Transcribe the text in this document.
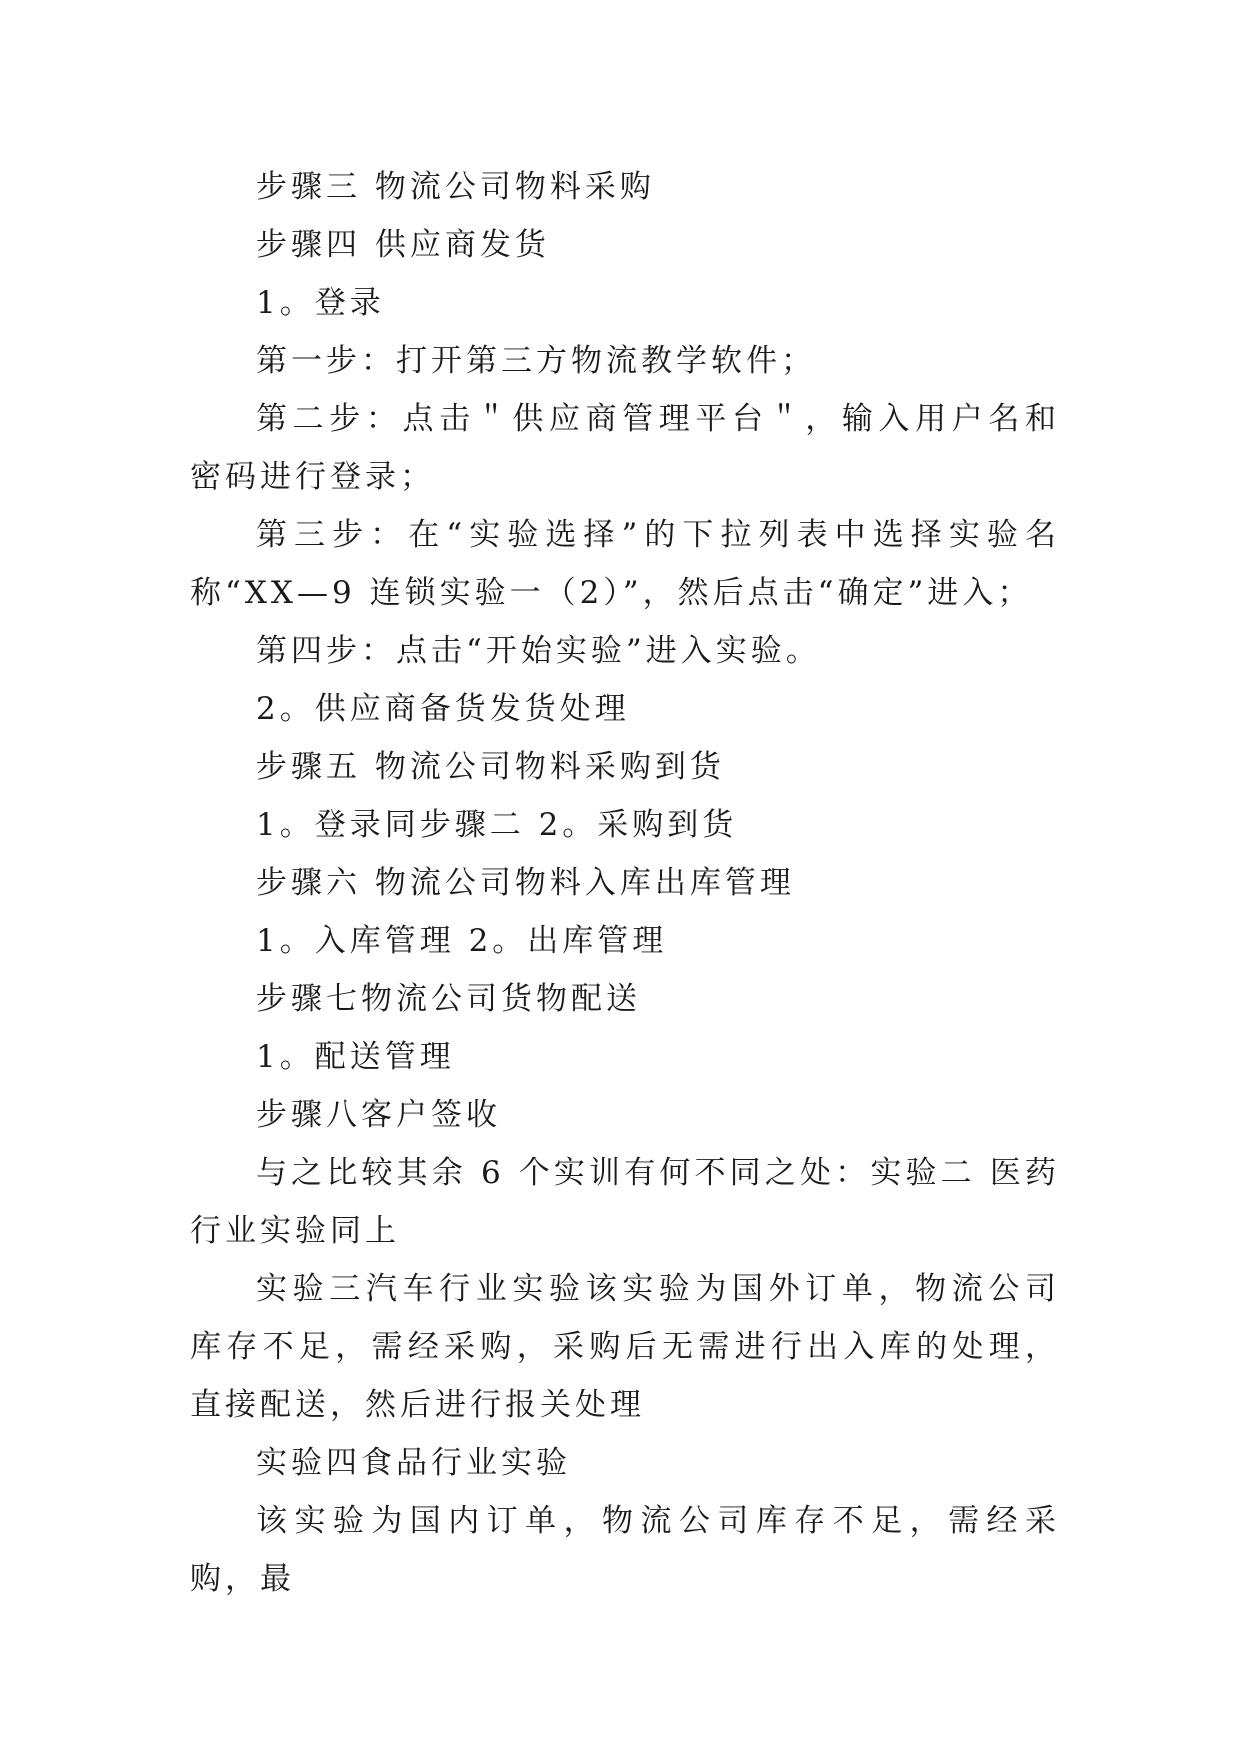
步骤三 物流公司物料采购

步骤四 供应商发货

1。登录

第一步：打开第三方物流教学软件；

第二步：点击＂供应商管理平台＂，输入用户名和密码进行登录；

第三步：在“实验选择”的下拉列表中选择实验名称“XX—9 连锁实验一（2）”，然后点击“确定”进入；

第四步：点击“开始实验”进入实验。

2。供应商备货发货处理

步骤五 物流公司物料采购到货

1。登录同步骤二 2。采购到货

步骤六 物流公司物料入库出库管理

1。入库管理 2。出库管理

步骤七物流公司货物配送

1。配送管理

步骤八客户签收

与之比较其余 6 个实训有何不同之处：实验二 医药行业实验同上

实验三汽车行业实验该实验为国外订单，物流公司库存不足，需经采购，采购后无需进行出入库的处理，直接配送，然后进行报关处理

实验四食品行业实验

该实验为国内订单，物流公司库存不足，需经采购，最
